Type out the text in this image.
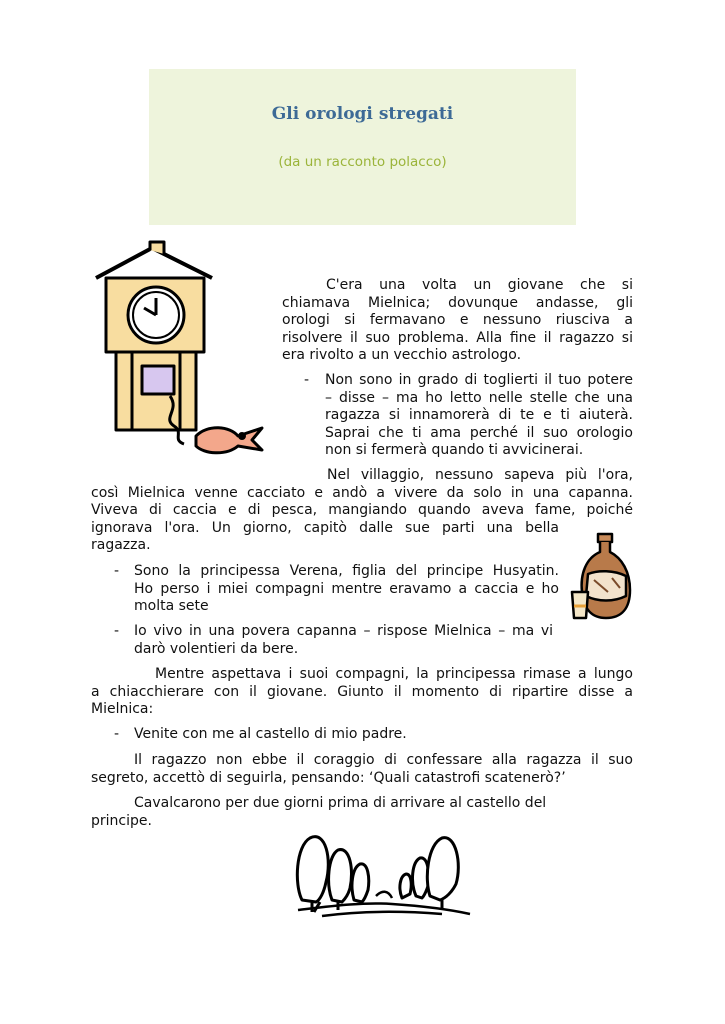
Gli orologi stregati
(da un racconto polacco)
C'era una volta un giovane che si
chiamava Mielnica; dovunque andasse, gli
orologi si fermavano e nessuno riusciva a
risolvere il suo problema. Alla fine il ragazzo si
era rivolto a un vecchio astrologo.
- Non sono in grado di toglierti il tuo potere
– disse – ma ho letto nelle stelle che una
ragazza si innamorerà di te e ti aiuterà.
Saprai che ti ama perché il suo orologio
non si fermerà quando ti avvicinerai.
Nel villaggio, nessuno sapeva più l'ora,
così Mielnica venne cacciato e andò a vivere da solo in una capanna.
Viveva di caccia e di pesca, mangiando quando aveva fame, poiché
ignorava l'ora. Un giorno, capitò dalle sue parti una bella
ragazza.
- Sono la principessa Verena, figlia del principe Husyatin.
Ho perso i miei compagni mentre eravamo a caccia e ho
molta sete
- Io vivo in una povera capanna – rispose Mielnica – ma vi
darò volentieri da bere.
Mentre aspettava i suoi compagni, la principessa rimase a lungo
a chiacchierare con il giovane. Giunto il momento di ripartire disse a
Mielnica:
- Venite con me al castello di mio padre.
Il ragazzo non ebbe il coraggio di confessare alla ragazza il suo
segreto, accettò di seguirla, pensando: ‘Quali catastrofi scatenerò?’
Cavalcarono per due giorni prima di arrivare al castello del
principe.
